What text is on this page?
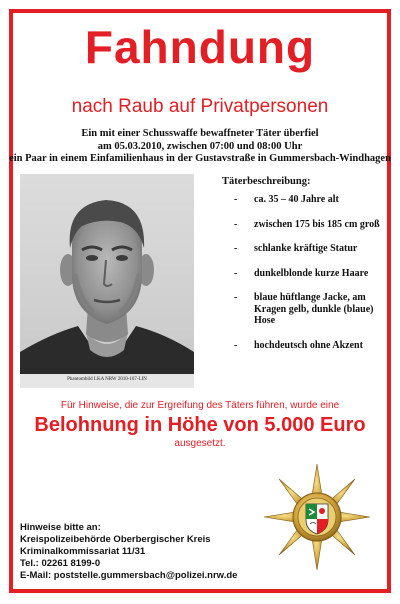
Fahndung
nach Raub auf Privatpersonen
Ein mit einer Schusswaffe bewaffneter Täter überfiel
am 05.03.2010, zwischen 07:00 und 08:00 Uhr
ein Paar in einem Einfamilienhaus in der Gustavstraße in Gummersbach-Windhagen
Phantombild LKA NRW 2010-167-LIN
Täterbeschreibung:
- ca. 35 – 40 Jahre alt
- zwischen 175 bis 185 cm groß
- schlanke kräftige Statur
- dunkelblonde kurze Haare
- blaue hüftlange Jacke, am Kragen gelb, dunkle (blaue) Hose
- hochdeutsch ohne Akzent
Für Hinweise, die zur Ergreifung des Täters führen, wurde eine
Belohnung in Höhe von 5.000 Euro
ausgesetzt.
Hinweise bitte an:
Kreispolizeibehörde Oberbergischer Kreis
Kriminalkommissariat 11/31
Tel.: 02261 8199-0
E-Mail: poststelle.gummersbach@polizei.nrw.de
